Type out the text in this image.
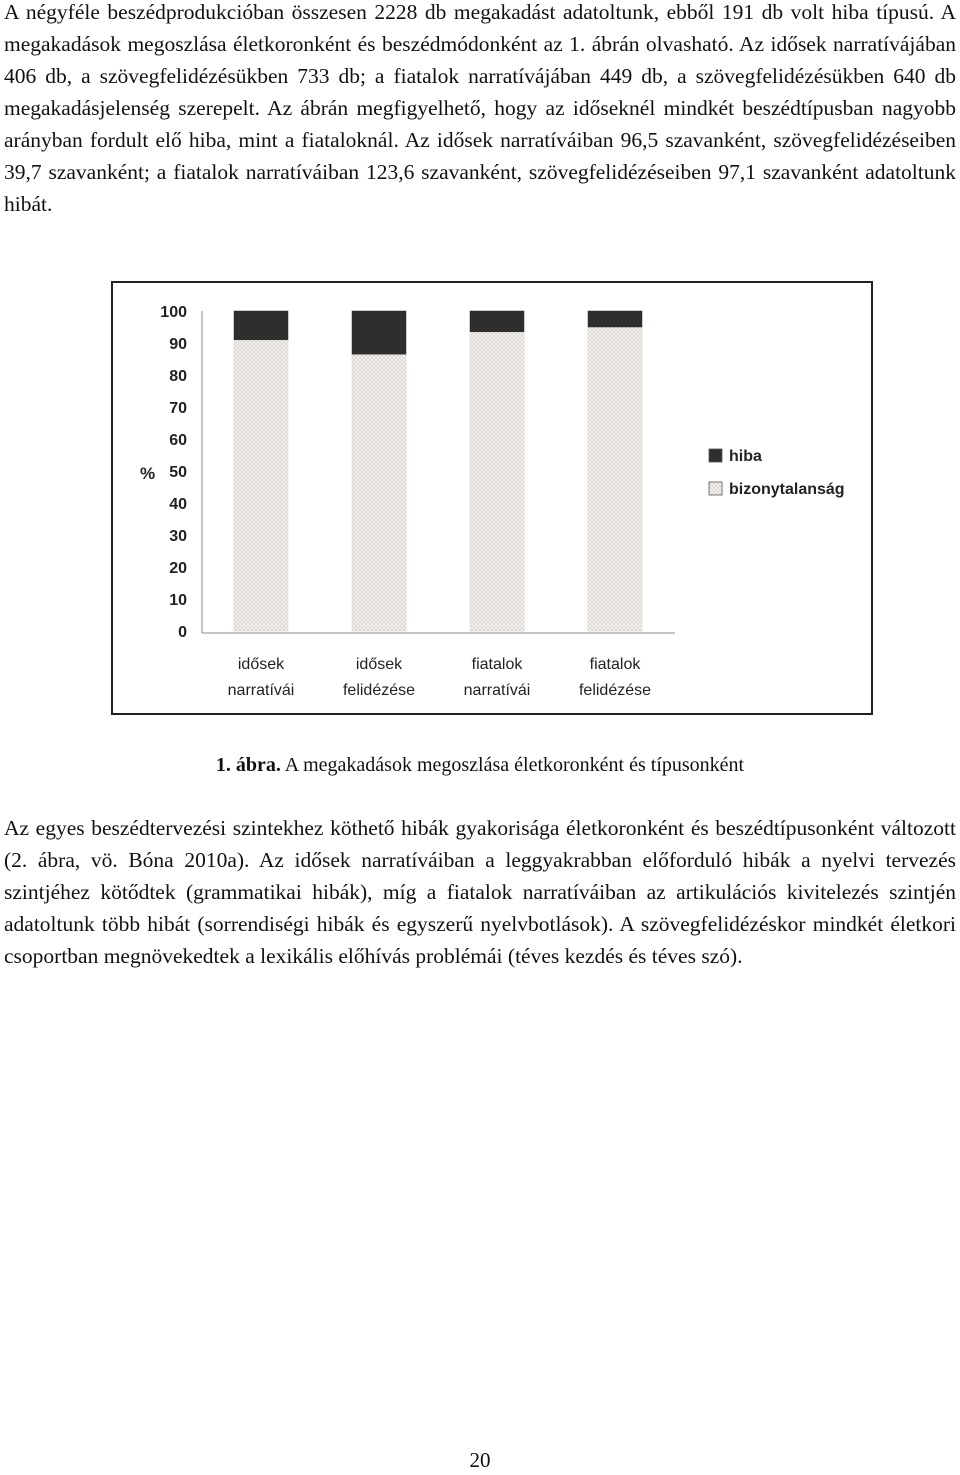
A négyféle beszédprodukcióban összesen 2228 db megakadást adatoltunk, ebből 191 db volt hiba típusú. A megakadások megoszlása életkoronként és beszédmódonként az 1. ábrán olvasható. Az idősek narratívájában 406 db, a szövegfelidézésükben 733 db; a fiatalok narratívájában 449 db, a szövegfelidézésükben 640 db megakadásjelenség szerepelt. Az ábrán megfigyelhető, hogy az időseknél mindkét beszédtípusban nagyobb arányban fordult elő hiba, mint a fiataloknál. Az idősek narratíváiban 96,5 szavanként, szövegfelidézéseiben 39,7 szavanként; a fiatalok narratíváiban 123,6 szavanként, szövegfelidézéseiben 97,1 szavanként adatoltunk hibát.

0
10
20
30
40
50
60
70
80
90
100
%
idősek
narratívái
idősek
felidézése
fiatalok
narratívái
fiatalok
felidézése
hiba
bizonytalanság
1. ábra. A megakadások megoszlása életkoronként és típusonként

Az egyes beszédtervezési szintekhez köthető hibák gyakorisága életkoronként és beszédtípusonként változott (2. ábra, vö. Bóna 2010a). Az idősek narratíváiban a leggyakrabban előforduló hibák a nyelvi tervezés szintjéhez kötődtek (grammatikai hibák), míg a fiatalok narratíváiban az artikulációs kivitelezés szintjén adatoltunk több hibát (sorrendiségi hibák és egyszerű nyelvbotlások). A szövegfelidézéskor mindkét életkori csoportban megnövekedtek a lexikális előhívás problémái (téves kezdés és téves szó).

20
